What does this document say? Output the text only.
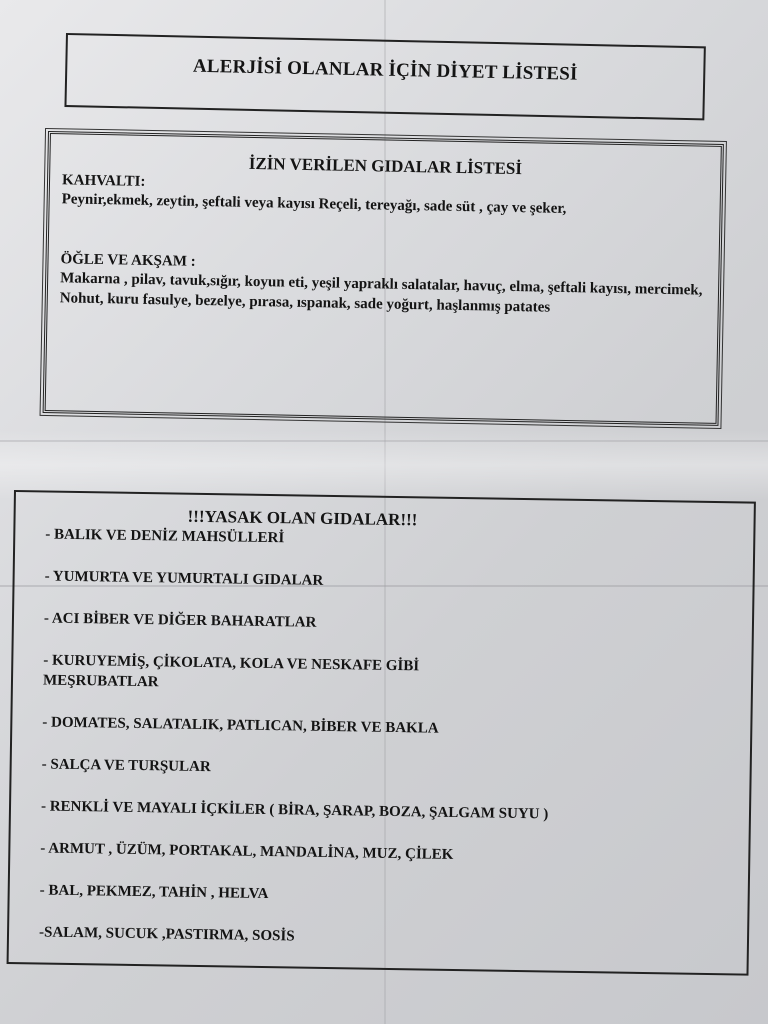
ALERJİSİ OLANLAR İÇİN DİYET LİSTESİ
İZİN VERİLEN GIDALAR LİSTESİ
KAHVALTI:
Peynir,ekmek, zeytin, şeftali veya kayısı Reçeli, tereyağı, sade süt , çay ve şeker,
ÖĞLE VE AKŞAM :
Makarna , pilav, tavuk,sığır, koyun eti, yeşil yapraklı salatalar, havuç, elma, şeftali kayısı, mercimek, Nohut, kuru fasulye, bezelye, pırasa, ıspanak, sade yoğurt, haşlanmış patates
!!!YASAK OLAN GIDALAR!!!
- BALIK VE DENİZ MAHSÜLLERİ
- YUMURTA VE YUMURTALI GIDALAR
- ACI BİBER VE DİĞER BAHARATLAR
- KURUYEMİŞ, ÇİKOLATA, KOLA VE NESKAFE GİBİ MEŞRUBATLAR
- DOMATES, SALATALIK, PATLICAN, BİBER VE BAKLA
- SALÇA VE TURŞULAR
- RENKLİ VE MAYALI İÇKİLER ( BİRA, ŞARAP, BOZA, ŞALGAM SUYU )
- ARMUT , ÜZÜM, PORTAKAL, MANDALİNA, MUZ, ÇİLEK
- BAL, PEKMEZ, TAHİN , HELVA
-SALAM, SUCUK ,PASTIRMA, SOSİS
